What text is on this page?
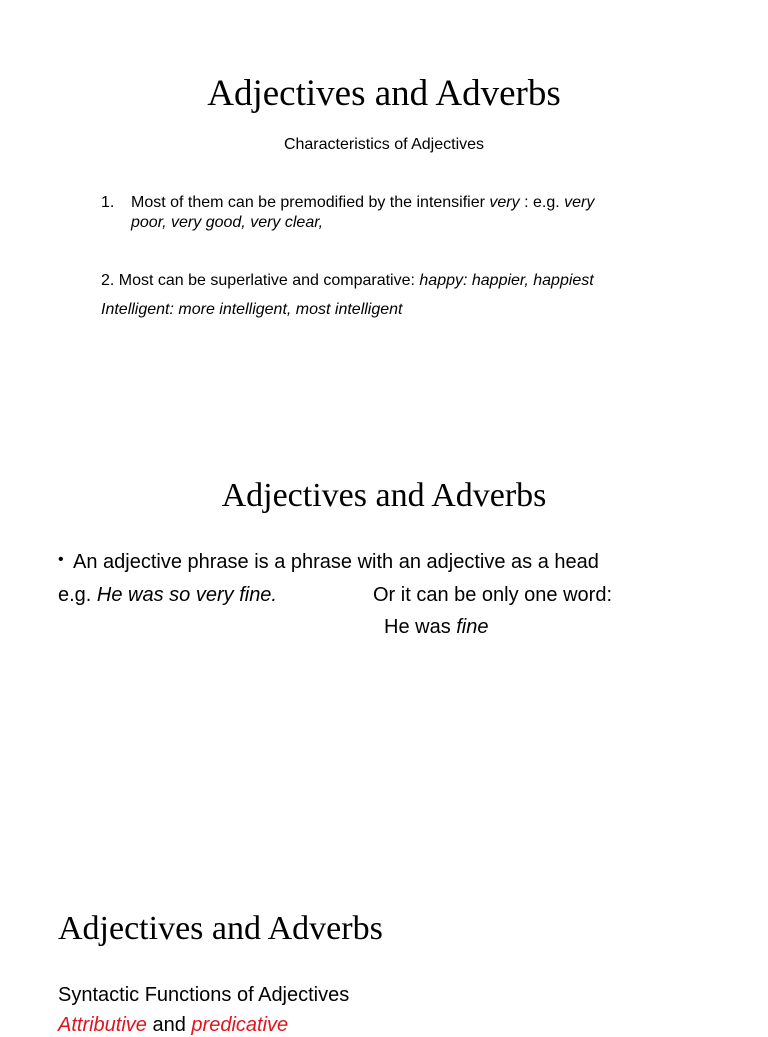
Adjectives and Adverbs
Characteristics of Adjectives
1. Most of them can be premodified by the intensifier very : e.g. very
poor, very good, very clear,
2. Most can be superlative and comparative: happy: happier, happiest
Intelligent: more intelligent, most intelligent
Adjectives and Adverbs
• An adjective phrase is a phrase with an adjective as a head
e.g. He was so very fine.	Or it can be only one word:
He was fine
Adjectives and Adverbs
Syntactic Functions of Adjectives
Attributive and predicative
